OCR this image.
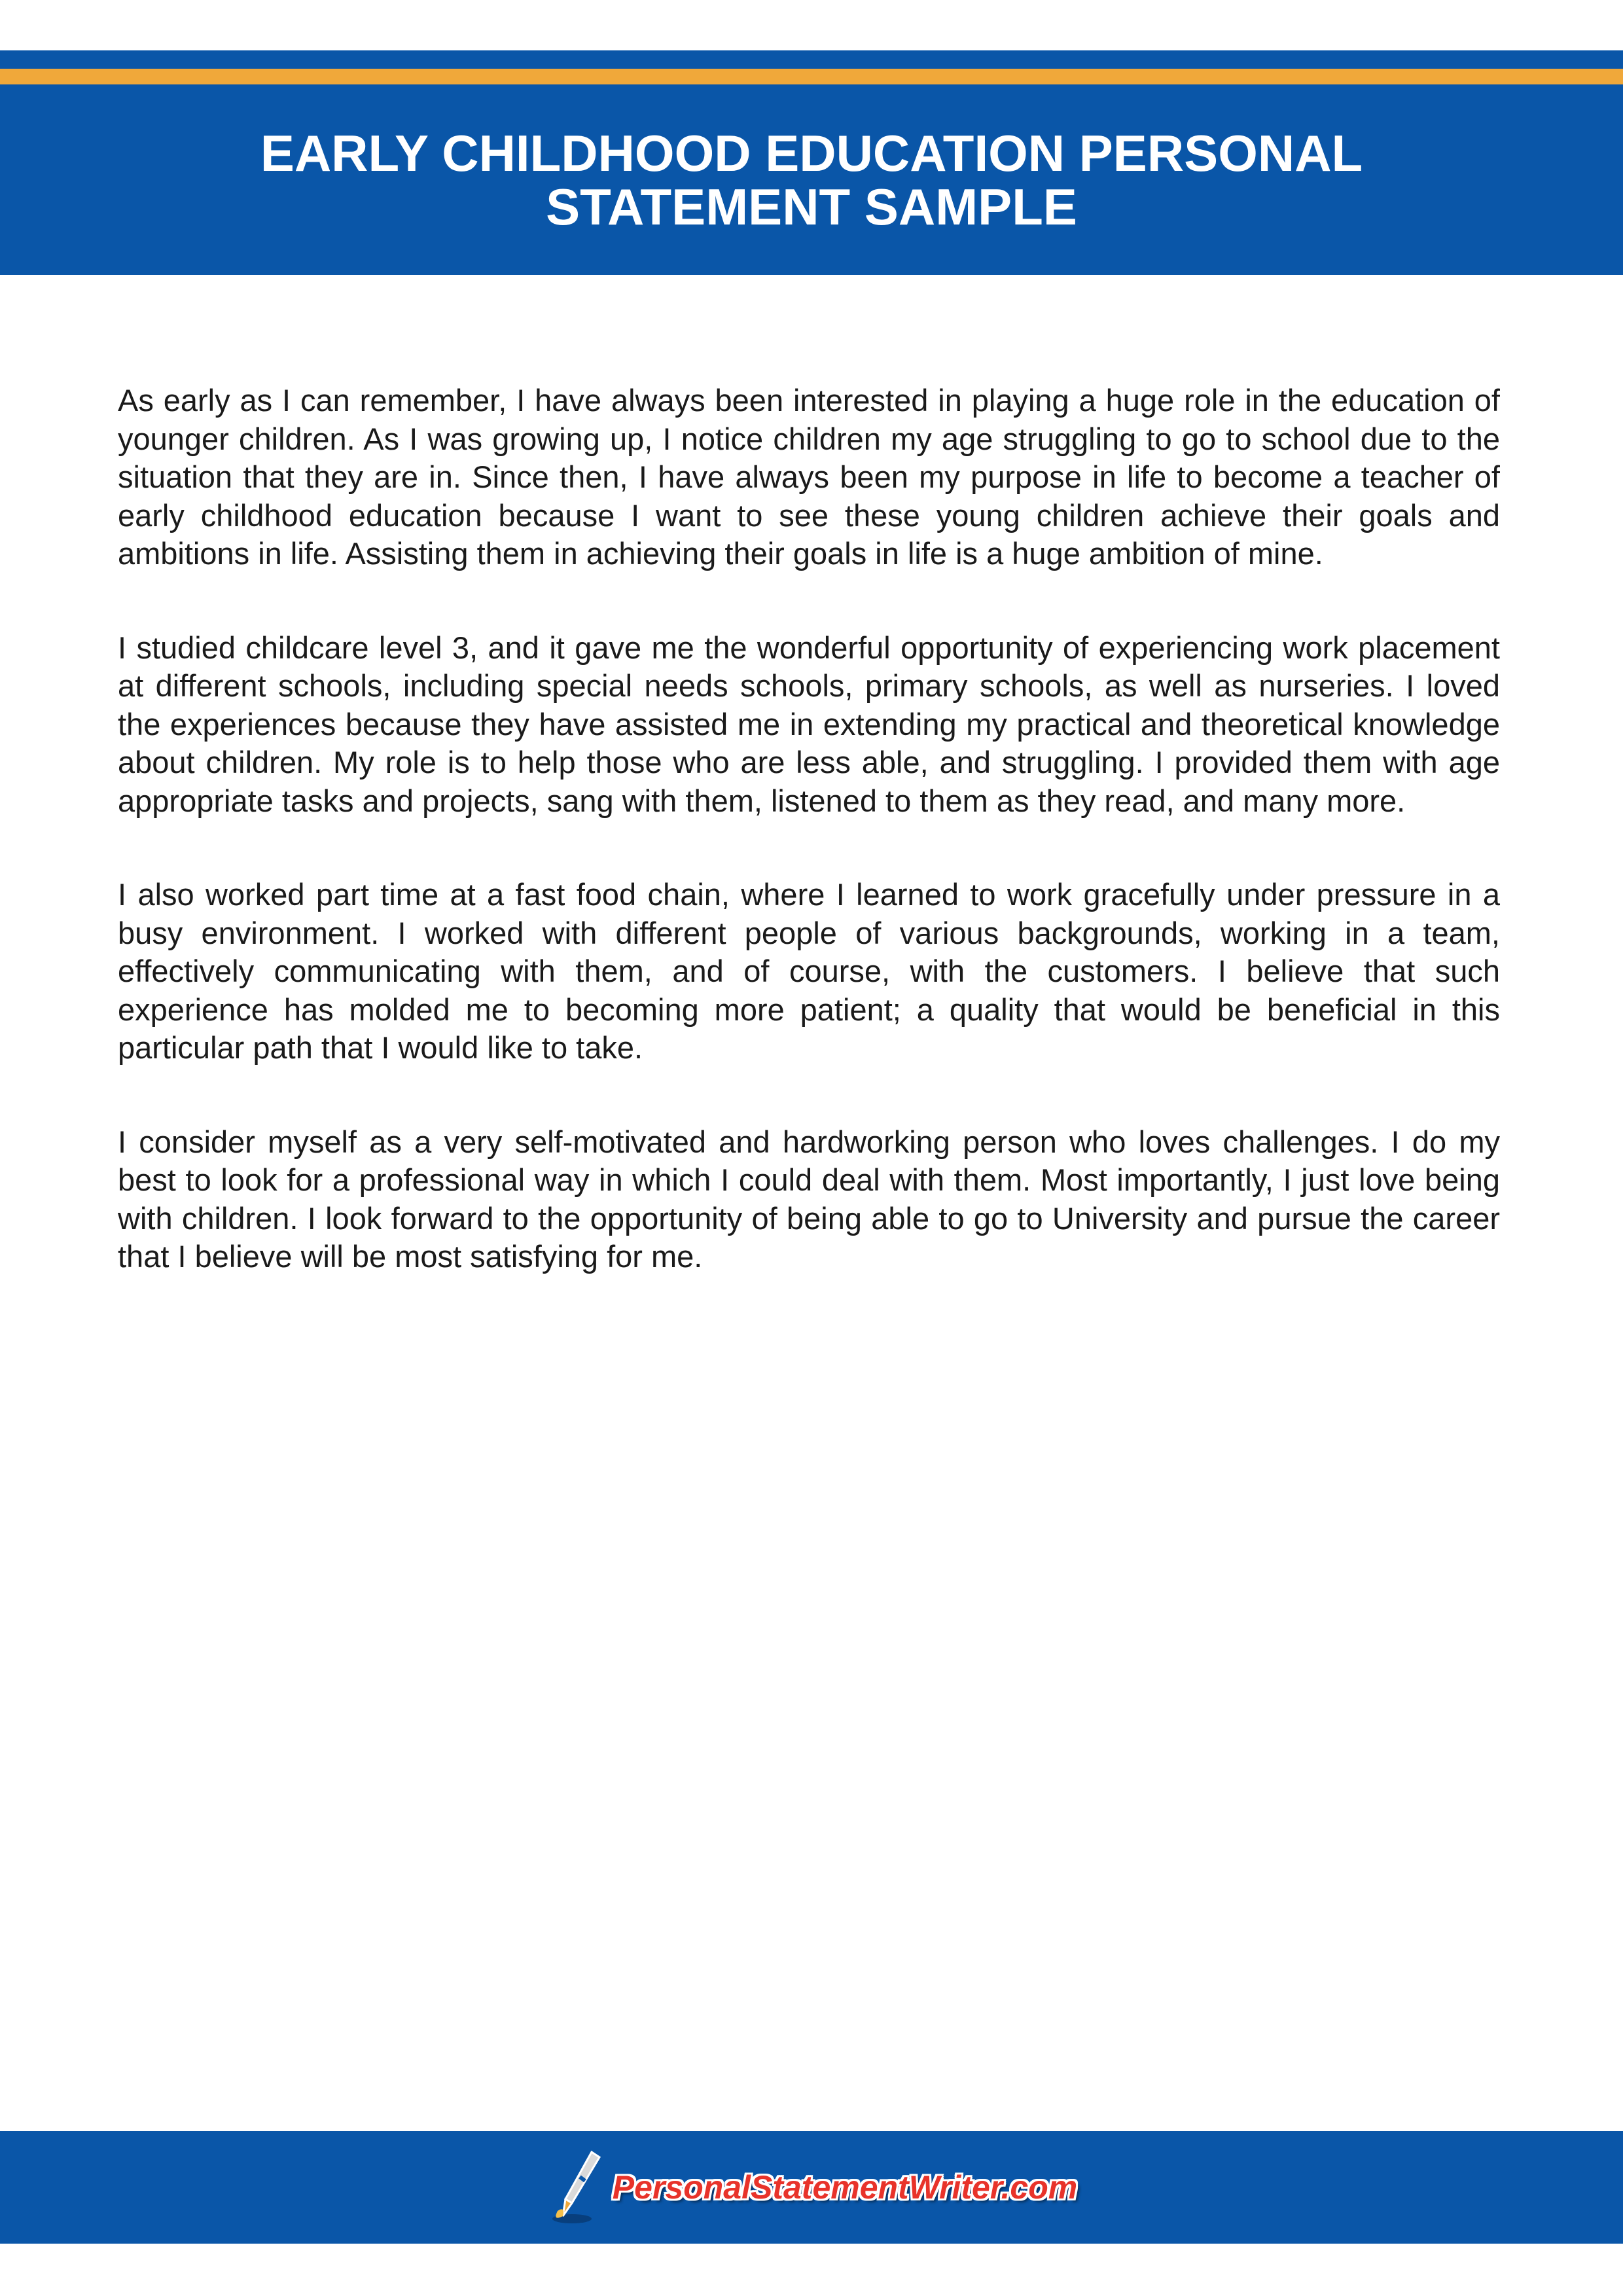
EARLY CHILDHOOD EDUCATION PERSONAL STATEMENT SAMPLE

As early as I can remember, I have always been interested in playing a huge role in the education of younger children. As I was growing up, I notice children my age struggling to go to school due to the situation that they are in. Since then, I have always been my purpose in life to become a teacher of early childhood education because I want to see these young children achieve their goals and ambitions in life. Assisting them in achieving their goals in life is a huge ambition of mine.

I studied childcare level 3, and it gave me the wonderful opportunity of experiencing work placement at different schools, including special needs schools, primary schools, as well as nurseries. I loved the experiences because they have assisted me in extending my practical and theoretical knowledge about children. My role is to help those who are less able, and struggling. I provided them with age appropriate tasks and projects, sang with them, listened to them as they read, and many more.

I also worked part time at a fast food chain, where I learned to work gracefully under pressure in a busy environment. I worked with different people of various backgrounds, working in a team, effectively communicating with them, and of course, with the customers. I believe that such experience has molded me to becoming more patient; a quality that would be beneficial in this particular path that I would like to take.

I consider myself as a very self-motivated and hardworking person who loves challenges. I do my best to look for a professional way in which I could deal with them. Most importantly, I just love being with children. I look forward to the opportunity of being able to go to University and pursue the career that I believe will be most satisfying for me.

PersonalStatementWriter.com
